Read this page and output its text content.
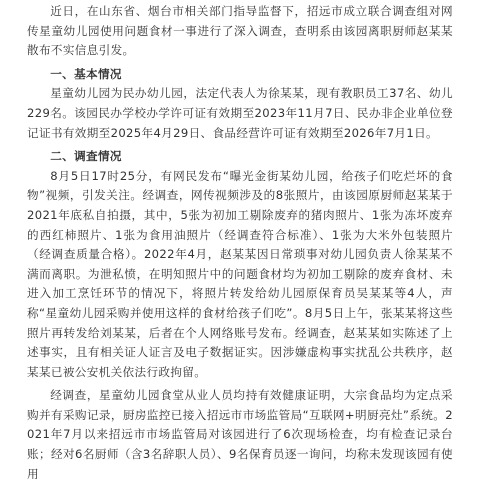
近日，在山东省、烟台市相关部门指导监督下，招远市成立联合调查组对网传星童幼儿园使用问题食材一事进行了深入调查，查明系由该园离职厨师赵某某散布不实信息引发。

一、基本情况

星童幼儿园为民办幼儿园，法定代表人为徐某某，现有教职员工37名、幼儿229名。该园民办学校办学许可证有效期至2023年11月7日、民办非企业单位登记证书有效期至2025年4月29日、食品经营许可证有效期至2026年7月1日。

二、调查情况

8月5日17时25分，有网民发布“曝光金街某幼儿园，给孩子们吃烂坏的食物”视频，引发关注。经调查，网传视频涉及的8张照片，由该园原厨师赵某某于2021年底私自拍摄，其中，5张为初加工剔除废弃的猪肉照片、1张为冻坏废弃的西红柿照片、1张为食用油照片（经调查符合标准）、1张为大米外包装照片（经调查质量合格）。2022年4月，赵某某因日常琐事对幼儿园负责人徐某某不满而离职。为泄私愤，在明知照片中的问题食材均为初加工剔除的废弃食材、未进入加工烹饪环节的情况下，将照片转发给幼儿园原保育员吴某某等4人，声称“星童幼儿园采购并使用这样的食材给孩子们吃”。8月5日上午，张某某将这些照片再转发给刘某某，后者在个人网络账号发布。经调查，赵某某如实陈述了上述事实，且有相关证人证言及电子数据证实。因涉嫌虚构事实扰乱公共秩序，赵某某已被公安机关依法行政拘留。

经调查，星童幼儿园食堂从业人员均持有效健康证明，大宗食品均为定点采购并有采购记录，厨房监控已接入招远市市场监管局“互联网+明厨亮灶”系统。2021年7月以来招远市市场监管局对该园进行了6次现场检查，均有检查记录台账；经对6名厨师（含3名辞职人员）、9名保育员逐一询问，均称未发现该园有使用
